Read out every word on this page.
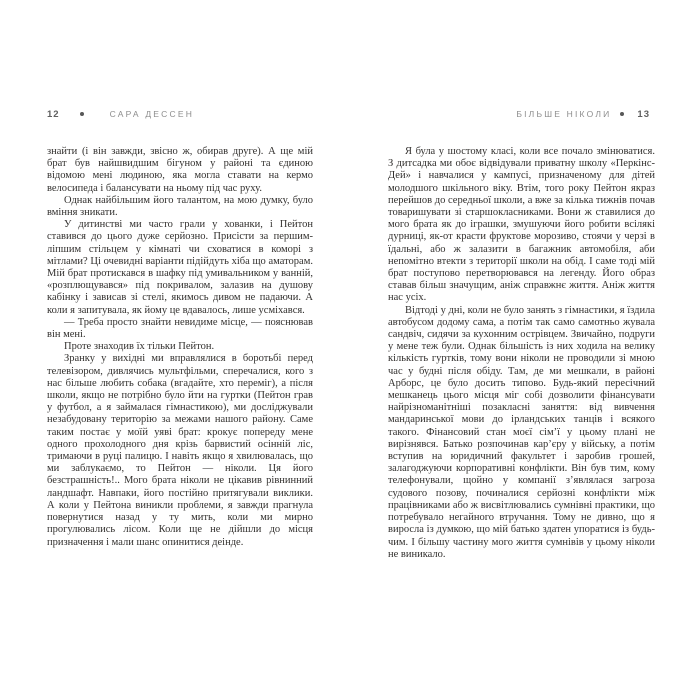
12	САРА ДЕССЕН

знайти (і він завжди, звісно ж, обирав друге). А ще мій брат був найшвидшим бігуном у районі та єдиною відомою мені людиною, яка могла ставати на кермо велосипеда і балансувати на ньому під час руху.

Однак найбільшим його талантом, на мою думку, було вміння зникати.

У дитинстві ми часто грали у хованки, і Пейтон ставився до цього дуже серйозно. Присісти за першим-ліпшим стільцем у кімнаті чи сховатися в коморі з мітлами? Ці очевидні варіанти підійдуть хіба що аматорам. Мій брат протискався в шафку під умивальником у ванній, «розплющувався» під покривалом, залазив на душову кабінку і зависав зі стелі, якимось дивом не падаючи. А коли я запитувала, як йому це вдавалось, лише усміхався.

— Треба просто знайти невидиме місце, — пояснював він мені.

Проте знаходив їх тільки Пейтон.

Зранку у вихідні ми вправлялися в боротьбі перед телевізором, дивлячись мультфільми, сперечалися, кого з нас більше любить собака (вгадайте, хто переміг), а після школи, якщо не потрібно було йти на гуртки (Пейтон грав у футбол, а я займалася гімнастикою), ми досліджували незабудовану територію за межами нашого району. Саме таким постає у моїй уяві брат: крокує попереду мене одного прохолодного дня крізь барвистий осінній ліс, тримаючи в руці палицю. І навіть якщо я хвилювалась, що ми заблукаємо, то Пейтон — ніколи. Ця його безстрашність!.. Мого брата ніколи не цікавив рівнинний ландшафт. Навпаки, його постійно притягували виклики. А коли у Пейтона виникли проблеми, я завжди прагнула повернутися назад у ту мить, коли ми мирно прогулювались лісом. Коли ще не дійшли до місця призначення і мали шанс опинитися деінде.

БІЛЬШЕ НІКОЛИ	13

Я була у шостому класі, коли все почало змінюватися. З дитсадка ми обоє відвідували приватну школу «Перкінс-Дей» і навчалися у кампусі, призначеному для дітей молодшого шкільного віку. Втім, того року Пейтон якраз перейшов до середньої школи, а вже за кілька тижнів почав товаришувати зі старшокласниками. Вони ж ставилися до мого брата як до іграшки, змушуючи його робити всілякі дурниці, як-от красти фруктове морозиво, стоячи у черзі в їдальні, або ж залазити в багажник автомобіля, аби непомітно втекти з території школи на обід. І саме тоді мій брат поступово перетворювався на легенду. Його образ ставав більш значущим, аніж справжнє життя. Аніж життя нас усіх.

Відтоді у дні, коли не було занять з гімнастики, я їздила автобусом додому сама, а потім так само самотньо жувала сандвіч, сидячи за кухонним острівцем. Звичайно, подруги у мене теж були. Однак більшість із них ходила на велику кількість гуртків, тому вони ніколи не проводили зі мною час у будні після обіду. Там, де ми мешкали, в районі Арборс, це було досить типово. Будь-який пересічний мешканець цього місця міг собі дозволити фінансувати найрізноманітніші позакласні заняття: від вивчення мандаринської мови до ірландських танців і всякого такого. Фінансовий стан моєї сім’ї у цьому плані не вирізнявся. Батько розпочинав кар’єру у війську, а потім вступив на юридичний факультет і заробив грошей, залагоджуючи корпоративні конфлікти. Він був тим, кому телефонували, щойно у компанії з’являлася загроза судового позову, починалися серйозні конфлікти між працівниками або ж висвітлювались сумнівні практики, що потребувало негайного втручання. Тому не дивно, що я виросла із думкою, що мій батько здатен упоратися із будь-чим. І більшу частину мого життя сумнівів у цьому ніколи не виникало.
